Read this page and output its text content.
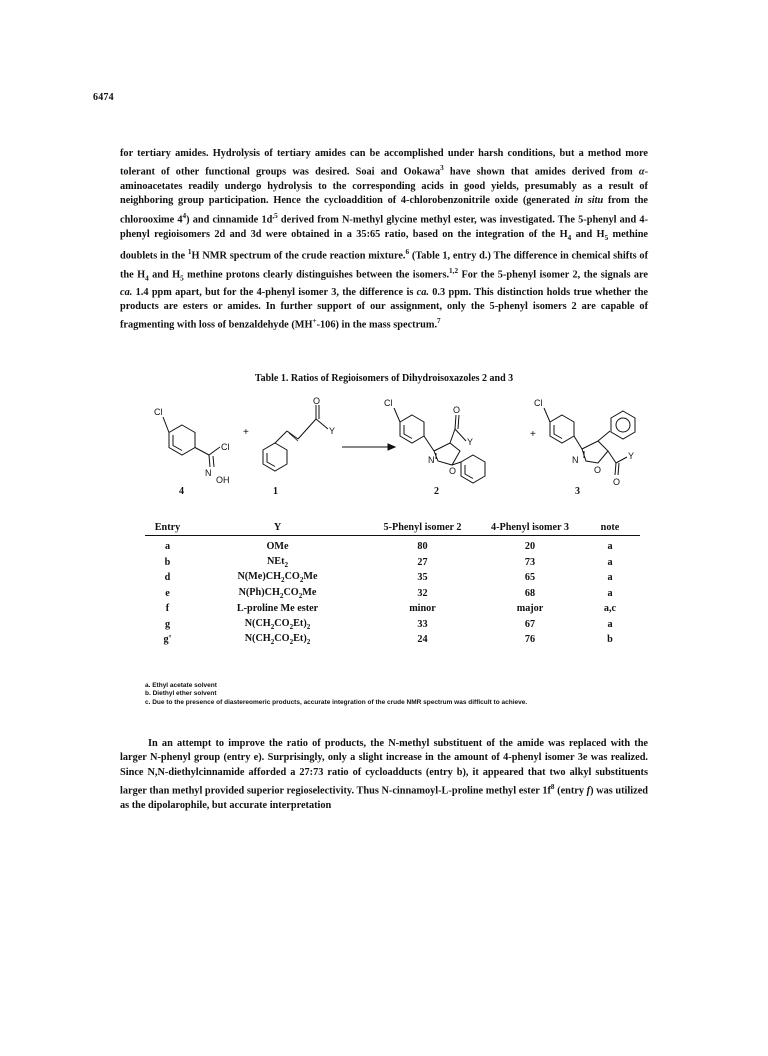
6474

for tertiary amides. Hydrolysis of tertiary amides can be accomplished under harsh conditions, but a method more tolerant of other functional groups was desired. Soai and Ookawa$^3$ have shown that amides derived from α-aminoacetates readily undergo hydrolysis to the corresponding acids in good yields, presumably as a result of neighboring group participation. Hence the cycloaddition of 4-chlorobenzonitrile oxide (generated in situ from the chlorooxime $4^4$) and cinnamide $1d^{,5}$ derived from N-methyl glycine methyl ester, was investigated. The 5-phenyl and 4-phenyl regioisomers 2d and 3d were obtained in a 35:65 ratio, based on the integration of the $H_4$ and $H_5$ methine doublets in the $^1$H NMR spectrum of the crude reaction mixture.$^6$ (Table 1, entry d.) The difference in chemical shifts of the $H_4$ and $H_5$ methine protons clearly distinguishes between the isomers.$^{1,2}$ For the 5-phenyl isomer 2, the signals are ca. 1.4 ppm apart, but for the 4-phenyl isomer 3, the difference is ca. 0.3 ppm. This distinction holds true whether the products are esters or amides. In further support of our assignment, only the 5-phenyl isomers 2 are capable of fragmenting with loss of benzaldehyde (MH+-106) in the mass spectrum.$^7$

Table 1. Ratios of Regioisomers of Dihydroisoxazoles 2 and 3
Cl
Cl
N
OH
+
O
Y
Cl
N
O
O
Y
+
Cl
N
O
O
Y
4	1	2	3
Entry	Y	5-Phenyl isomer 2	4-Phenyl isomer 3	note
a	OMe	80	20	a
b	NEt$_2$	27	73	a
d	$N(Me)CH_2CO_2Me$	35	65	a
e	$N(Ph)CH_2CO_2Me$	32	68	a
f	L-proline Me ester	minor	major	a,c
g	$N(CH_2CO_2Et)_2$	33	67	a
g'	$N(CH_2CO_2Et)_2$	24	76	b
a. Ethyl acetate solvent
b. Diethyl ether solvent
c. Due to the presence of diastereomeric products, accurate integration of the crude NMR spectrum was difficult to achieve.

In an attempt to improve the ratio of products, the N-methyl substituent of the amide was replaced with the larger N-phenyl group (entry e). Surprisingly, only a slight increase in the amount of 4-phenyl isomer 3e was realized. Since N,N-diethylcinnamide afforded a 27:73 ratio of cycloadducts (entry b), it appeared that two alkyl substituents larger than methyl provided superior regioselectivity. Thus N-cinnamoyl-L-proline methyl ester $1f^8$ (entry f) was utilized as the dipolarophile, but accurate interpretation
